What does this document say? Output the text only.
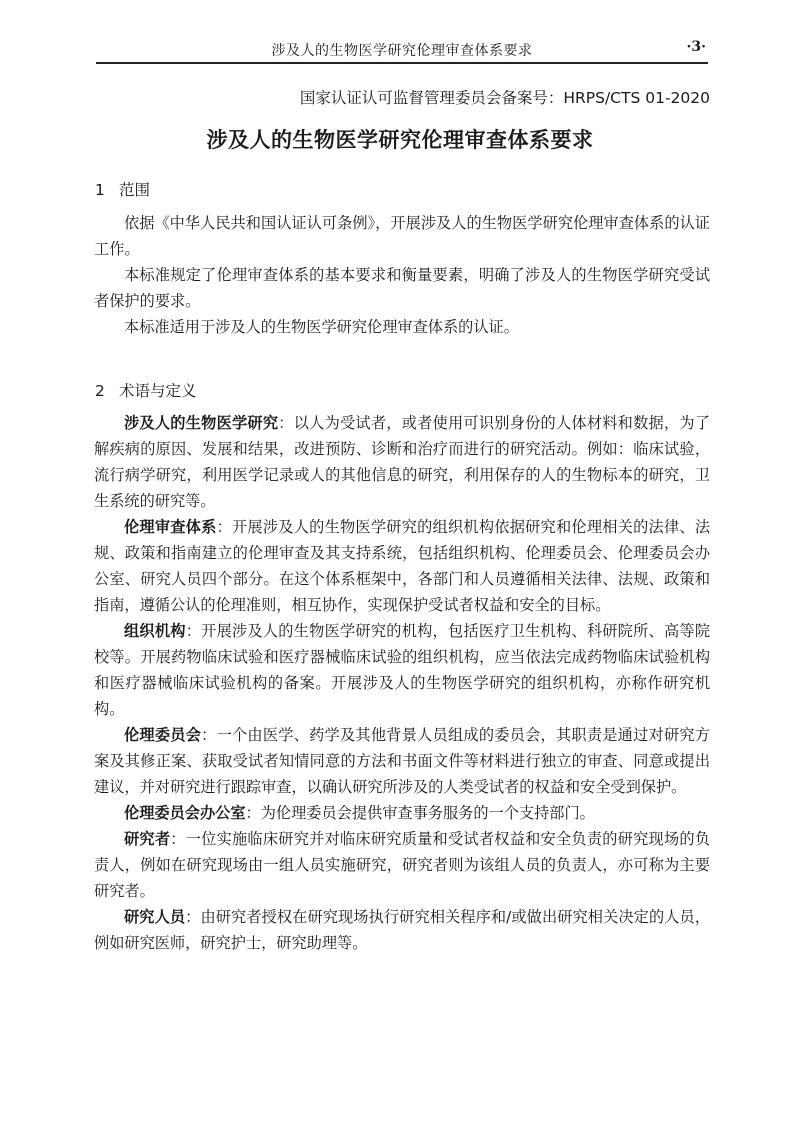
涉及人的生物医学研究伦理审查体系要求	·3·
国家认证认可监督管理委员会备案号：HRPS/CTS 01-2020
涉及人的生物医学研究伦理审查体系要求
1 范围

依据《中华人民共和国认证认可条例》，开展涉及人的生物医学研究伦理审查体系的认证工作。

本标准规定了伦理审查体系的基本要求和衡量要素，明确了涉及人的生物医学研究受试者保护的要求。

本标准适用于涉及人的生物医学研究伦理审查体系的认证。

2 术语与定义

涉及人的生物医学研究：以人为受试者，或者使用可识别身份的人体材料和数据，为了解疾病的原因、发展和结果，改进预防、诊断和治疗而进行的研究活动。例如：临床试验，流行病学研究，利用医学记录或人的其他信息的研究，利用保存的人的生物标本的研究，卫生系统的研究等。

伦理审查体系：开展涉及人的生物医学研究的组织机构依据研究和伦理相关的法律、法规、政策和指南建立的伦理审查及其支持系统，包括组织机构、伦理委员会、伦理委员会办公室、研究人员四个部分。在这个体系框架中，各部门和人员遵循相关法律、法规、政策和指南，遵循公认的伦理准则，相互协作，实现保护受试者权益和安全的目标。

组织机构：开展涉及人的生物医学研究的机构，包括医疗卫生机构、科研院所、高等院校等。开展药物临床试验和医疗器械临床试验的组织机构，应当依法完成药物临床试验机构和医疗器械临床试验机构的备案。开展涉及人的生物医学研究的组织机构，亦称作研究机构。

伦理委员会：一个由医学、药学及其他背景人员组成的委员会，其职责是通过对研究方案及其修正案、获取受试者知情同意的方法和书面文件等材料进行独立的审查、同意或提出建议，并对研究进行跟踪审查，以确认研究所涉及的人类受试者的权益和安全受到保护。

伦理委员会办公室：为伦理委员会提供审查事务服务的一个支持部门。

研究者：一位实施临床研究并对临床研究质量和受试者权益和安全负责的研究现场的负责人，例如在研究现场由一组人员实施研究，研究者则为该组人员的负责人，亦可称为主要研究者。

研究人员：由研究者授权在研究现场执行研究相关程序和/或做出研究相关决定的人员，例如研究医师，研究护士，研究助理等。
